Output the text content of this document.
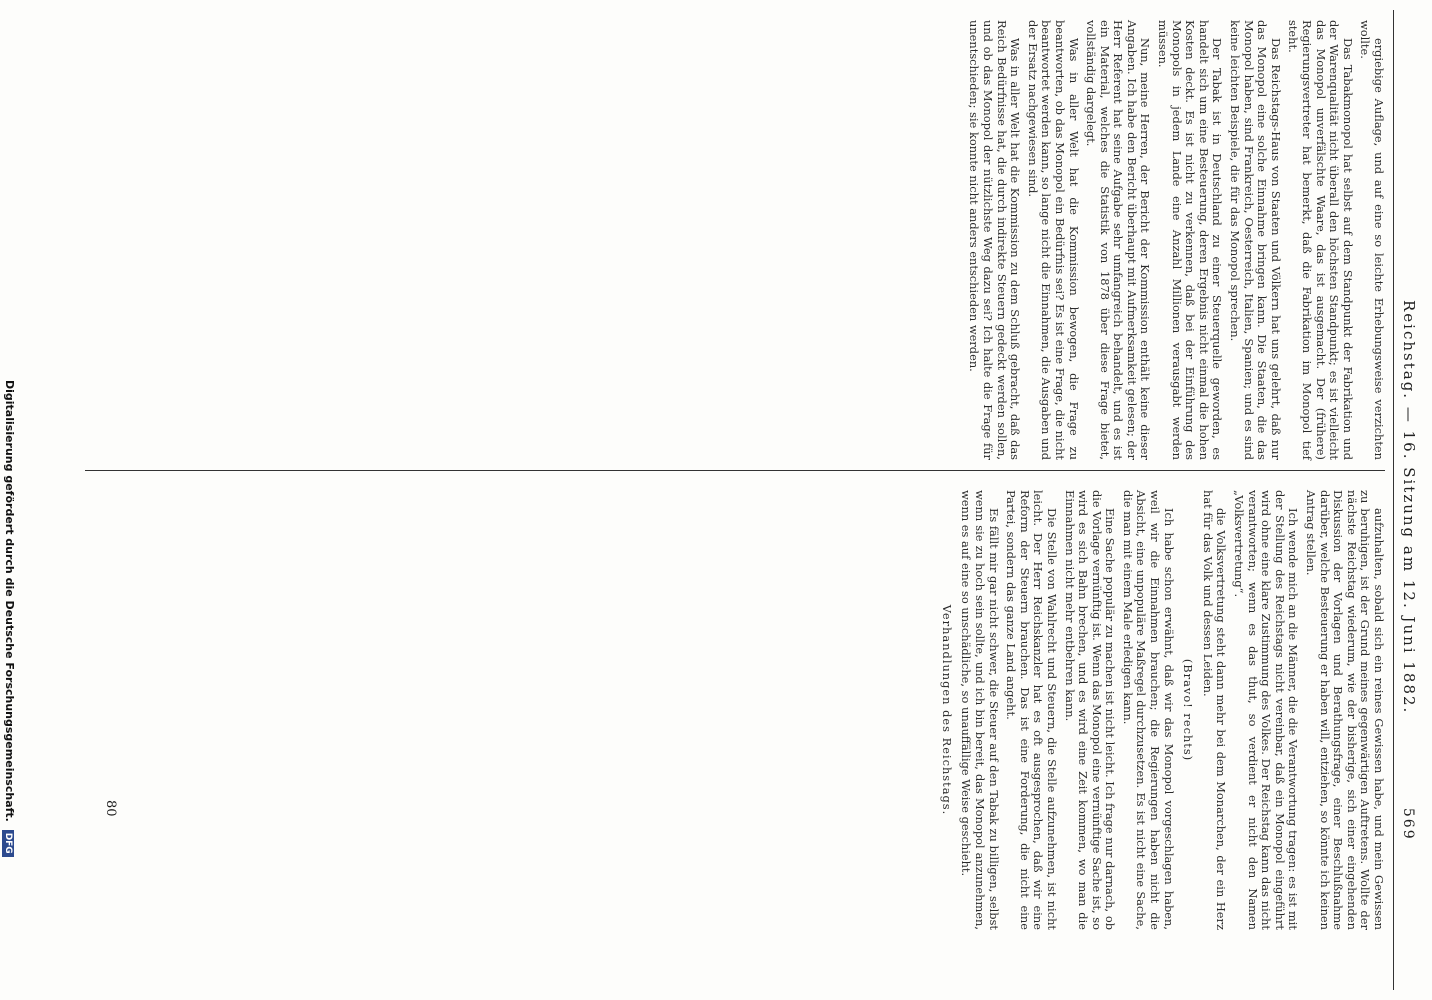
Reichstag. — 16. Sitzung am 12. Juni 1882.  569

ergiebige Auflage, und auf eine so leichte Erhebungsweise verzichten wollte.

Das Tabakmonopol hat selbst auf dem Standpunkt der Fabrikation und der Warenqualität nicht überall den höchsten Standpunkt; es ist vielleicht das Monopol unverfälschte Waare, das ist ausgemacht. Der (frühere) Regierungsvertreter hat bemerkt, daß die Fabrikation im Monopol tief steht.

Das Reichstags-Haus von Staaten und Völkern hat uns gelehrt, daß nur das Monopol eine solche Einnahme bringen kann. Die Staaten, die das Monopol haben, sind Frankreich, Oesterreich, Italien, Spanien; und es sind keine leichten Beispiele, die für das Monopol sprechen.

Der Tabak ist in Deutschland zu einer Steuerquelle geworden, es handelt sich um eine Besteuerung, deren Ergebnis nicht einmal die hohen Kosten deckt. Es ist nicht zu verkennen, daß bei der Einführung des Monopols in jedem Lande eine Anzahl Millionen verausgabt werden müssen.

Nun, meine Herren, der Bericht der Kommission enthält keine dieser Angaben. Ich habe den Bericht überhaupt mit Aufmerksamkeit gelesen; der Herr Referent hat seine Aufgabe sehr umfangreich behandelt, und es ist ein Material, welches die Statistik von 1878 über diese Frage bietet, vollständig dargelegt.

Was in aller Welt hat die Kommission bewogen, die Frage zu beantworten, ob das Monopol ein Bedürfnis sei? Es ist eine Frage, die nicht beantwortet werden kann, so lange nicht die Einnahmen, die Ausgaben und der Ersatz nachgewiesen sind.

Was in aller Welt hat die Kommission zu dem Schluß gebracht, daß das Reich Bedürfnisse hat, die durch indirekte Steuern gedeckt werden sollen, und ob das Monopol der nützlichste Weg dazu sei? Ich halte die Frage für unentschieden; sie konnte nicht anders entschieden werden.

aufzuhalten, sobald sich ein reines Gewissen habe, und mein Gewissen zu beruhigen, ist der Grund meines gegenwärtigen Auftretens. Wollte der nächste Reichstag wiederum, wie der bisherige, sich einer eingehenden Diskussion der Vorlagen und Berathungsfrage, einer Beschlußnahme darüber, welche Besteuerung er haben will, entziehen, so könnte ich keinen Antrag stellen.

Ich wende mich an die Männer, die die Verantwortung tragen: es ist mit der Stellung des Reichstags nicht vereinbar, daß ein Monopol eingeführt wird ohne eine klare Zustimmung des Volkes. Der Reichstag kann das nicht verantworten; wenn es das thut, so verdient er nicht den Namen „Volksvertretung“.

die Volksvertretung steht dann mehr bei dem Monarchen, der ein Herz hat für das Volk und dessen Leiden.

(Bravo! rechts)

Ich habe schon erwähnt, daß wir das Monopol vorgeschlagen haben, weil wir die Einnahmen brauchen; die Regierungen haben nicht die Absicht, eine unpopuläre Maßregel durchzusetzen. Es ist nicht eine Sache, die man mit einem Male erledigen kann.

Eine Sache populär zu machen ist nicht leicht. Ich frage nur darnach, ob die Vorlage vernünftig ist. Wenn das Monopol eine vernünftige Sache ist, so wird es sich Bahn brechen, und es wird eine Zeit kommen, wo man die Einnahmen nicht mehr entbehren kann.

Die Stelle von Wahlrecht und Steuern, die Stelle aufzunehmen, ist nicht leicht. Der Herr Reichskanzler hat es oft ausgesprochen, daß wir eine Reform der Steuern brauchen. Das ist eine Forderung, die nicht eine Partei, sondern das ganze Land angeht.

Es fällt mir gar nicht schwer, die Steuer auf den Tabak zu billigen, selbst wenn sie zu hoch sein sollte, und ich bin bereit, das Monopol anzunehmen, wenn es auf eine so unschädliche, so unauffällige Weise geschieht.

Verhandlungen des Reichstags.

80
Digitalisierung gefördert durch die Deutsche Forschungsgemeinschaft. DFG
